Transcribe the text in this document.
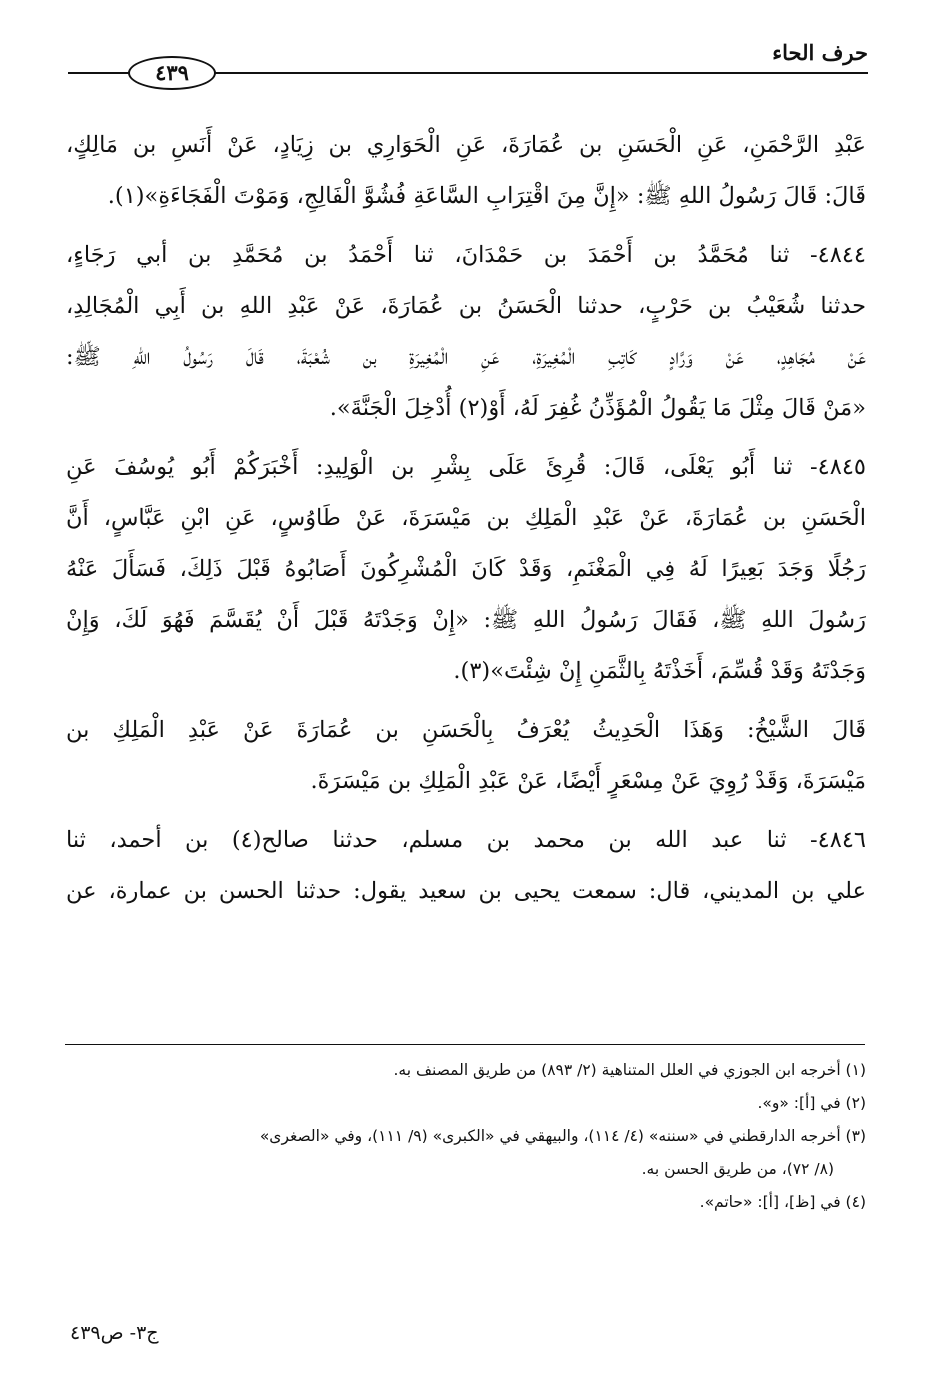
حرف الحاء
٤٣٩

عَبْدِ الرَّحْمَنِ، عَنِ الْحَسَنِ بن عُمَارَةَ، عَنِ الْحَوَارِي بن زِيَادٍ، عَنْ أَنَسِ بن مَالِكٍ،
قَالَ: قَالَ رَسُولُ اللهِ ﷺ: «إِنَّ مِنَ اقْتِرَابِ السَّاعَةِ فُشُوَّ الْفَالِجِ، وَمَوْتَ الْفَجَاءَةِ»(١).

٤٨٤٤- ثنا مُحَمَّدُ بن أَحْمَدَ بن حَمْدَانَ، ثنا أَحْمَدُ بن مُحَمَّدِ بن أبي رَجَاءٍ،
حدثنا شُعَيْبُ بن حَرْبٍ، حدثنا الْحَسَنُ بن عُمَارَةَ، عَنْ عَبْدِ اللهِ بن أَبِي الْمُجَالِدِ،
عَنْ مُجَاهِدٍ، عَنْ وَرَّادٍ كَاتِبِ الْمُغِيرَةِ، عَنِ الْمُغِيرَةِ بن شُعْبَةَ، قَالَ رَسُولُ اللهِ ﷺ:
«مَنْ قَالَ مِثْلَ مَا يَقُولُ الْمُؤَذِّنُ غُفِرَ لَهُ، أَوْ(٢) أُدْخِلَ الْجَنَّةَ».

٤٨٤٥- ثنا أَبُو يَعْلَى، قَالَ: قُرِئَ عَلَى بِشْرِ بن الْوَلِيدِ: أَخْبَرَكُمْ أَبُو يُوسُفَ عَنِ
الْحَسَنِ بن عُمَارَةَ، عَنْ عَبْدِ الْمَلِكِ بن مَيْسَرَةَ، عَنْ طَاوُسٍ، عَنِ ابْنِ عَبَّاسٍ، أَنَّ
رَجُلًا وَجَدَ بَعِيرًا لَهُ فِي الْمَغْنَمِ، وَقَدْ كَانَ الْمُشْرِكُونَ أَصَابُوهُ قَبْلَ ذَلِكَ، فَسَأَلَ عَنْهُ
رَسُولَ اللهِ ﷺ، فَقَالَ رَسُولُ اللهِ ﷺ: «إِنْ وَجَدْتَهُ قَبْلَ أَنْ يُقَسَّمَ فَهُوَ لَكَ، وَإِنْ
وَجَدْتَهُ وَقَدْ قُسِّمَ، أَخَذْتَهُ بِالثَّمَنِ إِنْ شِئْتَ»(٣).

قَالَ الشَّيْخُ: وَهَذَا الْحَدِيثُ يُعْرَفُ بِالْحَسَنِ بن عُمَارَةَ عَنْ عَبْدِ الْمَلِكِ بن
مَيْسَرَةَ، وَقَدْ رُوِيَ عَنْ مِسْعَرٍ أَيْضًا، عَنْ عَبْدِ الْمَلِكِ بن مَيْسَرَةَ.

٤٨٤٦- ثنا عبد الله بن محمد بن مسلم، حدثنا صالح(٤) بن أحمد، ثنا
علي بن المديني، قال: سمعت يحيى بن سعيد يقول: حدثنا الحسن بن عمارة، عن

(١) أخرجه ابن الجوزي في العلل المتناهية (٢/ ٨٩٣) من طريق المصنف به.
(٢) في [أ]: «و».
(٣) أخرجه الدارقطني في «سننه» (٤/ ١١٤)، والبيهقي في «الكبرى» (٩/ ١١١)، وفي «الصغرى»
(٨/ ٧٢)، من طريق الحسن به.
(٤) في [ظ]، [أ]: «حاتم».
ج٣- ص٤٣٩
